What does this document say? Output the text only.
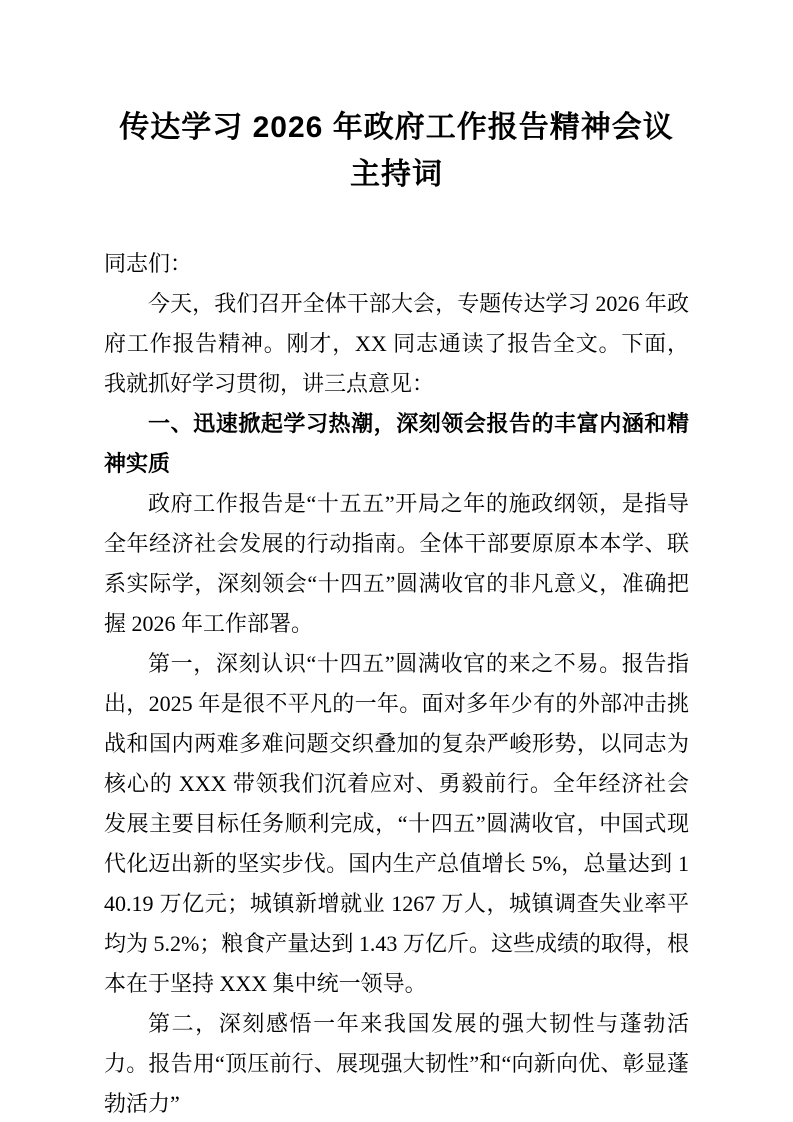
传达学习 2026 年政府工作报告精神会议主持词

同志们：

今天，我们召开全体干部大会，专题传达学习 2026 年政府工作报告精神。刚才，XX 同志通读了报告全文。下面，我就抓好学习贯彻，讲三点意见：

一、迅速掀起学习热潮，深刻领会报告的丰富内涵和精神实质

政府工作报告是“十五五”开局之年的施政纲领，是指导全年经济社会发展的行动指南。全体干部要原原本本学、联系实际学，深刻领会“十四五”圆满收官的非凡意义，准确把握 2026 年工作部署。

第一，深刻认识“十四五”圆满收官的来之不易。报告指出，2025 年是很不平凡的一年。面对多年少有的外部冲击挑战和国内两难多难问题交织叠加的复杂严峻形势，以同志为核心的 XXX 带领我们沉着应对、勇毅前行。全年经济社会发展主要目标任务顺利完成，“十四五”圆满收官，中国式现代化迈出新的坚实步伐。国内生产总值增长 5%，总量达到 140.19 万亿元；城镇新增就业 1267 万人，城镇调查失业率平均为 5.2%；粮食产量达到 1.43 万亿斤。这些成绩的取得，根本在于坚持 XXX 集中统一领导。

第二，深刻感悟一年来我国发展的强大韧性与蓬勃活力。报告用“顶压前行、展现强大韧性”和“向新向优、彰显蓬勃活力”
